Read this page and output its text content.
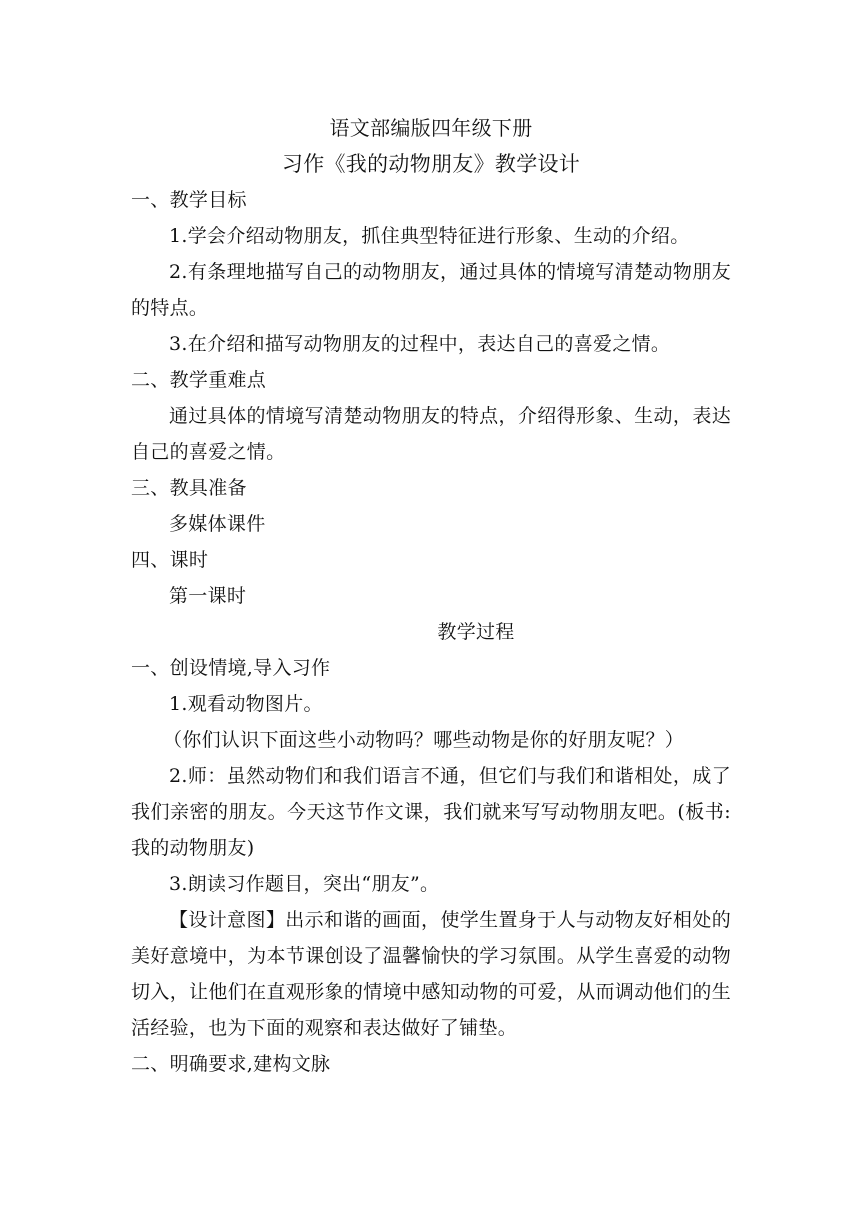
语文部编版四年级下册

习作《我的动物朋友》教学设计

一、教学目标

1.学会介绍动物朋友，抓住典型特征进行形象、生动的介绍。

2.有条理地描写自己的动物朋友，通过具体的情境写清楚动物朋友的特点。

3.在介绍和描写动物朋友的过程中，表达自己的喜爱之情。

二、教学重难点

通过具体的情境写清楚动物朋友的特点，介绍得形象、生动，表达自己的喜爱之情。

三、教具准备

多媒体课件

四、课时

第一课时

教学过程

一、创设情境,导入习作

1.观看动物图片。

（你们认识下面这些小动物吗？哪些动物是你的好朋友呢？）

2.师：虽然动物们和我们语言不通，但它们与我们和谐相处，成了我们亲密的朋友。今天这节作文课，我们就来写写动物朋友吧。(板书:我的动物朋友)

3.朗读习作题目，突出“朋友”。

【设计意图】出示和谐的画面，使学生置身于人与动物友好相处的美好意境中，为本节课创设了温馨愉快的学习氛围。从学生喜爱的动物切入，让他们在直观形象的情境中感知动物的可爱，从而调动他们的生活经验，也为下面的观察和表达做好了铺垫。

二、明确要求,建构文脉
